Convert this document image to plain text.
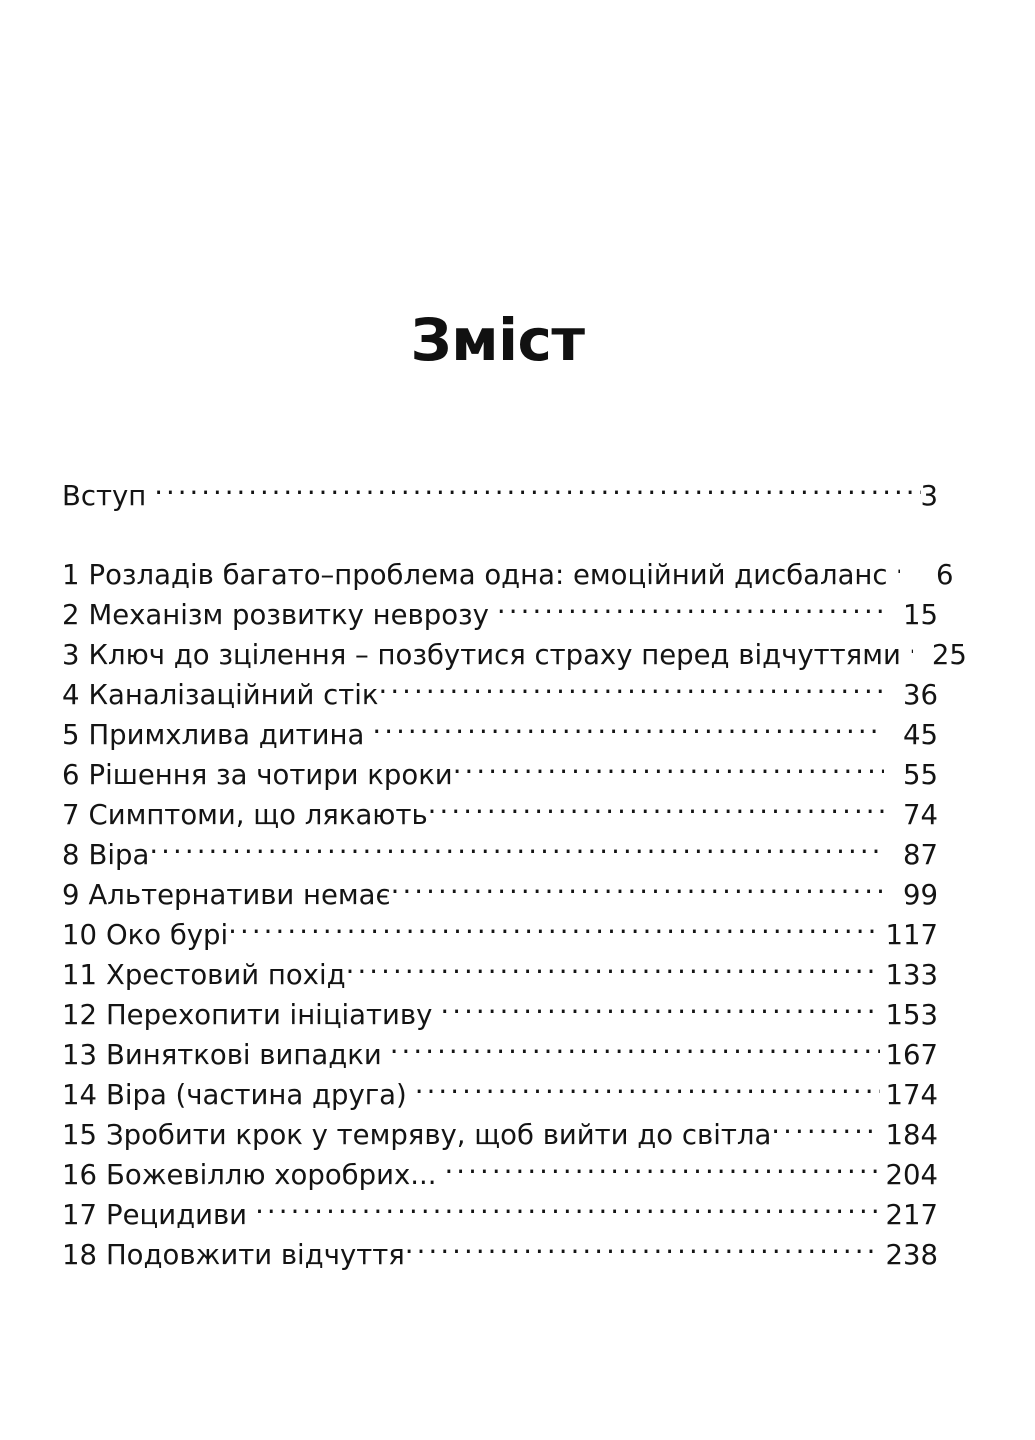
Зміст
Вступ .....	3
1 Розладів багато–проблема одна: емоційний дисбаланс .....	6
2 Механізм розвитку неврозу .....	15
3 Ключ до зцілення – позбутися страху перед відчуттями .....	25
4 Каналізаційний стік .....	36
5 Примхлива дитина .....	45
6 Рішення за чотири кроки .....	55
7 Симптоми, що лякають .....	74
8 Віра .....	87
9 Альтернативи немає .....	99
10 Око бурі .....	117
11 Хрестовий похід .....	133
12 Перехопити ініціативу .....	153
13 Виняткові випадки .....	167
14 Віра (частина друга) .....	174
15 Зробити крок у темряву, щоб вийти до світла .....	184
16 Божевіллю хоробрих... .....	204
17 Рецидиви .....	217
18 Подовжити відчуття .....	238
